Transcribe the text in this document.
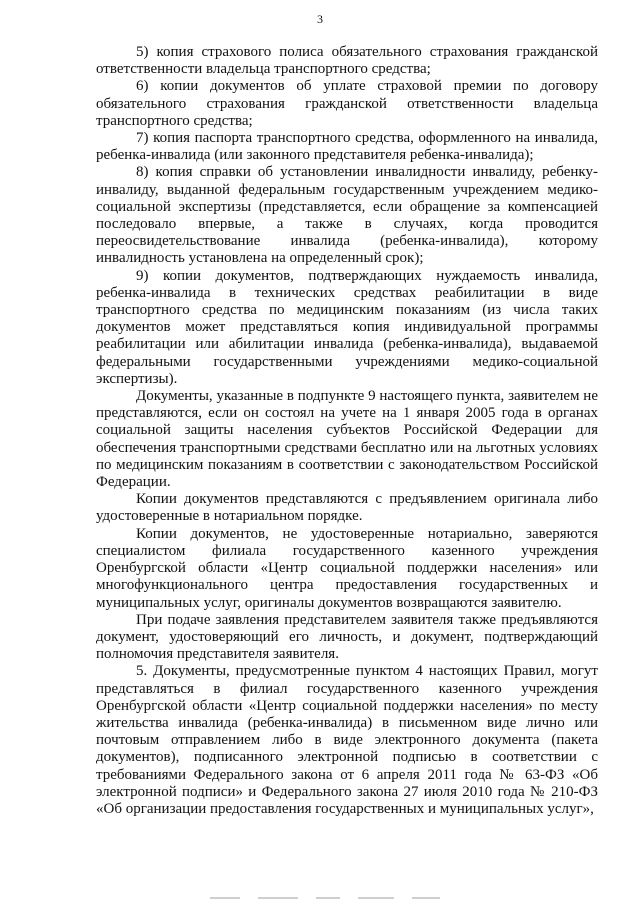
3

5) копия страхового полиса обязательного страхования гражданской ответственности владельца транспортного средства;

6) копии документов об уплате страховой премии по договору обязательного страхования гражданской ответственности владельца транспортного средства;

7) копия паспорта транспортного средства, оформленного на инвалида, ребенка-инвалида (или законного представителя ребенка-инвалида);

8) копия справки об установлении инвалидности инвалиду, ребенку-инвалиду, выданной федеральным государственным учреждением медико-социальной экспертизы (представляется, если обращение за компенсацией последовало впервые, а также в случаях, когда проводится переосвидетельствование инвалида (ребенка-инвалида), которому инвалидность установлена на определенный срок);

9) копии документов, подтверждающих нуждаемость инвалида, ребенка-инвалида в технических средствах реабилитации в виде транспортного средства по медицинским показаниям (из числа таких документов может представляться копия индивидуальной программы реабилитации или абилитации инвалида (ребенка-инвалида), выдаваемой федеральными государственными учреждениями медико-социальной экспертизы).

Документы, указанные в подпункте 9 настоящего пункта, заявителем не представляются, если он состоял на учете на 1 января 2005 года в органах социальной защиты населения субъектов Российской Федерации для обеспечения транспортными средствами бесплатно или на льготных условиях по медицинским показаниям в соответствии с законодательством Российской Федерации.

Копии документов представляются с предъявлением оригинала либо удостоверенные в нотариальном порядке.

Копии документов, не удостоверенные нотариально, заверяются специалистом филиала государственного казенного учреждения Оренбургской области «Центр социальной поддержки населения» или многофункционального центра предоставления государственных и муниципальных услуг, оригиналы документов возвращаются заявителю.

При подаче заявления представителем заявителя также предъявляются документ, удостоверяющий его личность, и документ, подтверждающий полномочия представителя заявителя.

5. Документы, предусмотренные пунктом 4 настоящих Правил, могут представляться в филиал государственного казенного учреждения Оренбургской области «Центр социальной поддержки населения» по месту жительства инвалида (ребенка-инвалида) в письменном виде лично или почтовым отправлением либо в виде электронного документа (пакета документов), подписанного электронной подписью в соответствии с требованиями Федерального закона от 6 апреля 2011 года № 63-ФЗ «Об электронной подписи» и Федерального закона 27 июля 2010 года № 210-ФЗ «Об организации предоставления государственных и муниципальных услуг»,
